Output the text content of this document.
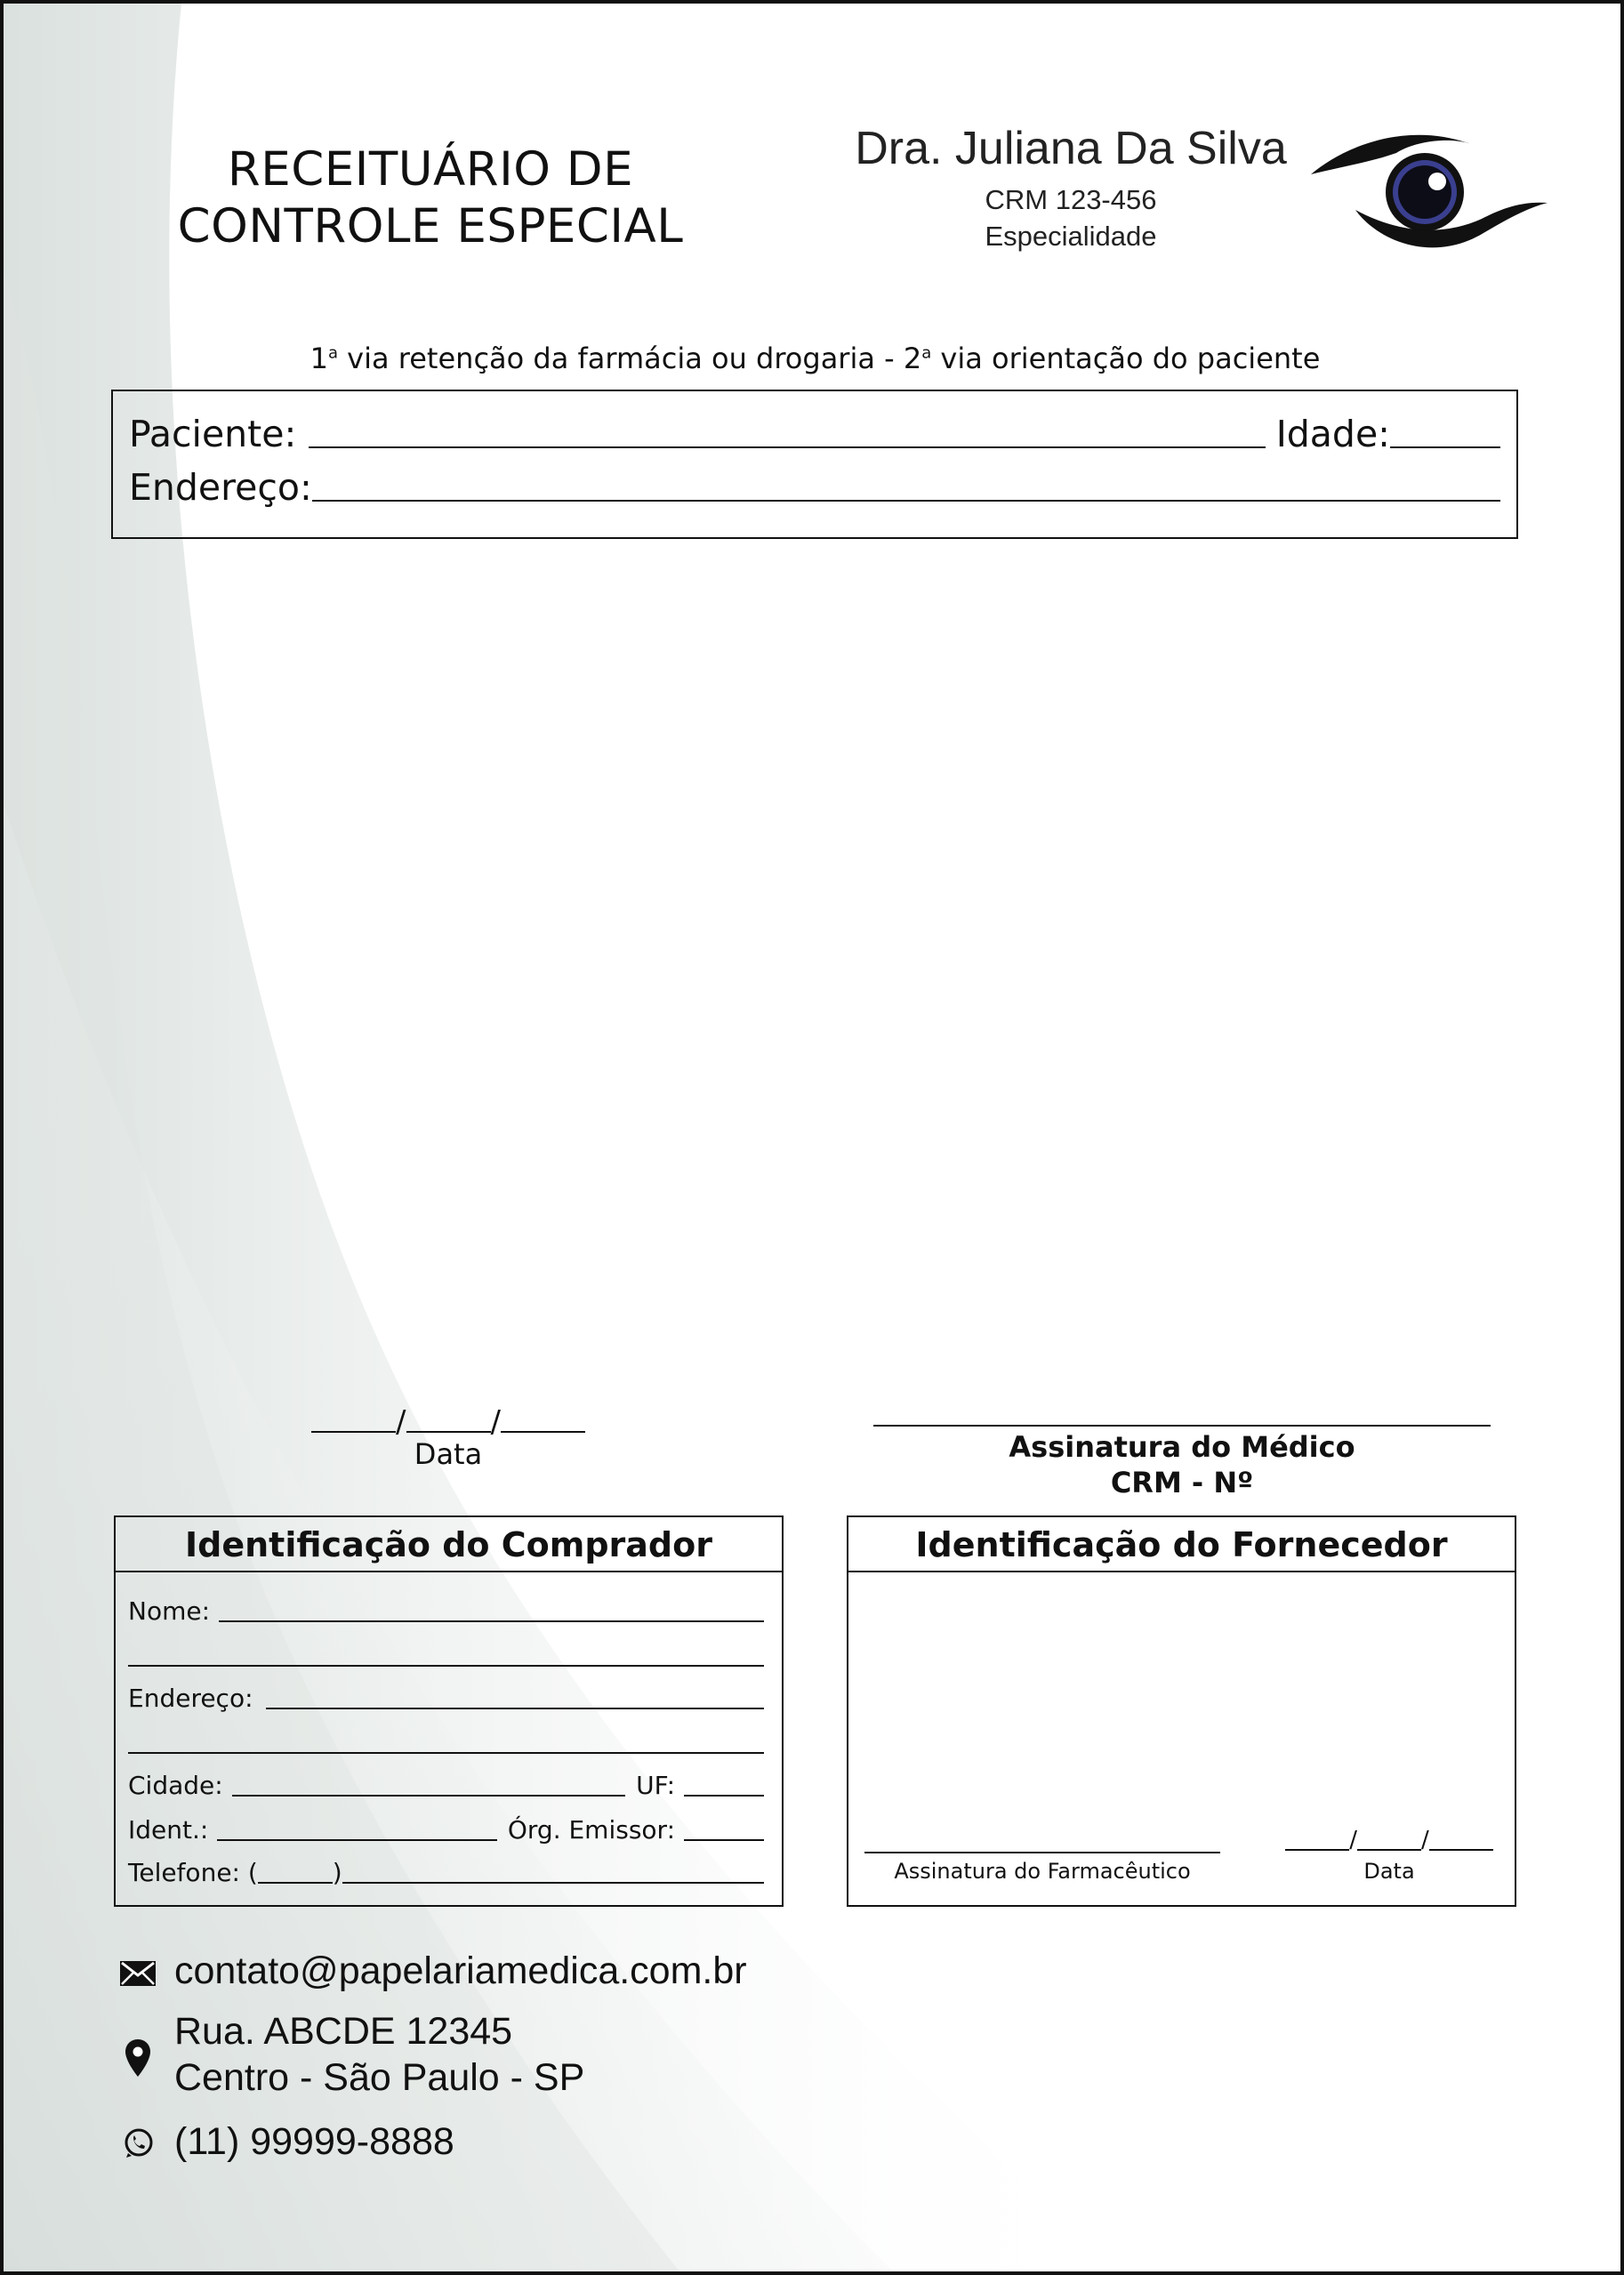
RECEITUÁRIO DE
CONTROLE ESPECIAL
Dra. Juliana Da Silva
CRM 123-456
Especialidade
1$^a$ via retenção da farmácia ou drogaria - 2$^a$ via orientação do paciente
Paciente:	Idade:
Endereço:
/	/
Data	Assinatura do Médico
CRM - Nº
Identificação do Comprador
Nome:
Endereço:
Cidade:	UF:
Ident.:	Órg. Emissor:
Telefone: (	)
Identificação do Fornecedor
Assinatura do Farmacêutico
/	/
Data
contato@papelariamedica.com.br
Rua. ABCDE 12345
Centro - São Paulo - SP
(11) 99999-8888
